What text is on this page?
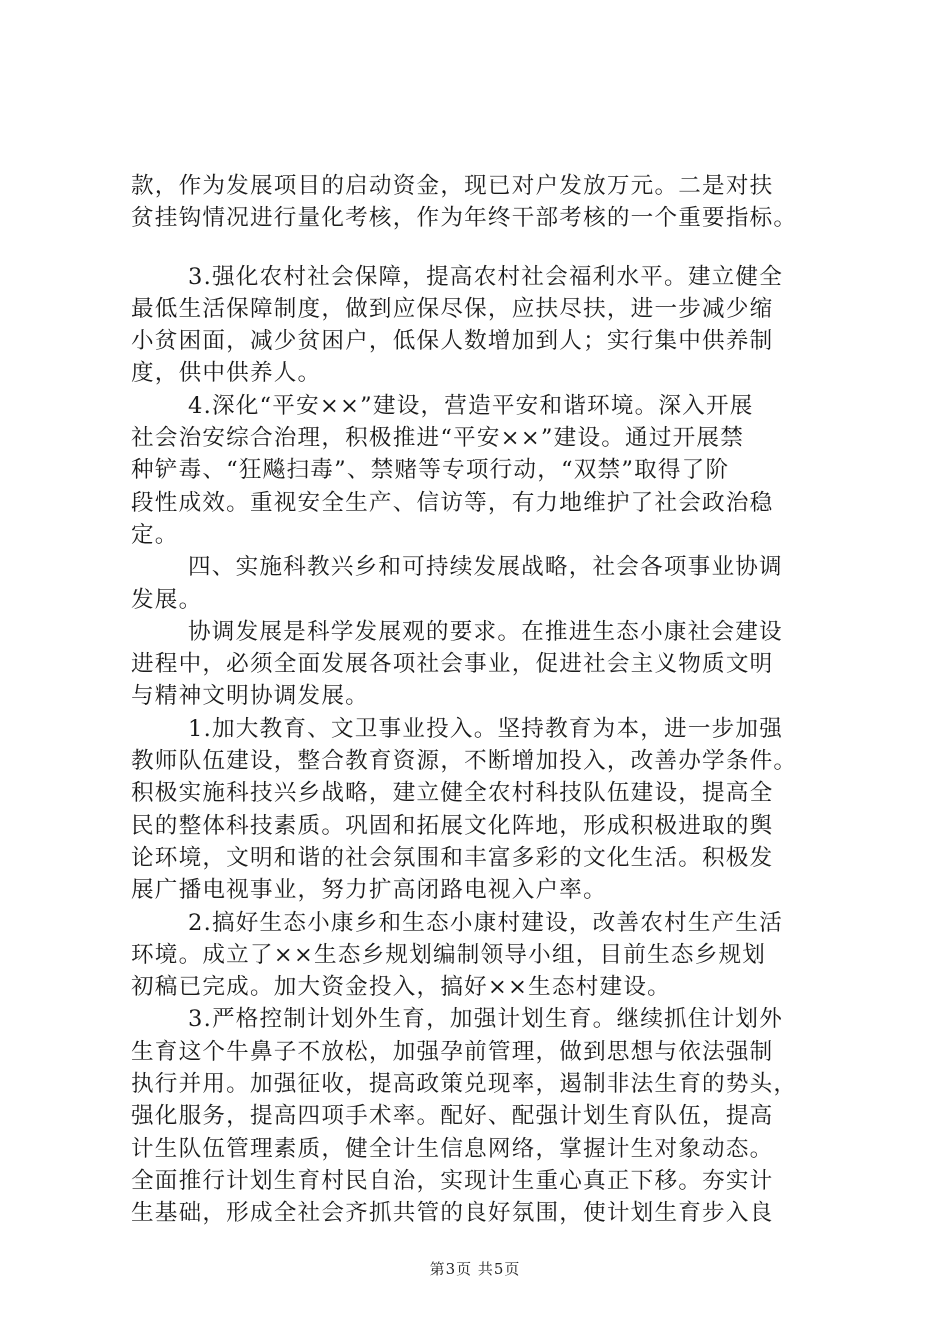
款，作为发展项目的启动资金，现已对户发放万元。二是对扶
贫挂钩情况进行量化考核，作为年终干部考核的一个重要指标。
3.强化农村社会保障，提高农村社会福利水平。建立健全
最低生活保障制度，做到应保尽保，应扶尽扶，进一步减少缩
小贫困面，减少贫困户，低保人数增加到人；实行集中供养制
度，供中供养人。
4.深化“平安××”建设，营造平安和谐环境。深入开展
社会治安综合治理，积极推进“平安××”建设。通过开展禁
种铲毒、“狂飚扫毒”、禁赌等专项行动，“双禁”取得了阶
段性成效。重视安全生产、信访等，有力地维护了社会政治稳
定。
四、实施科教兴乡和可持续发展战略，社会各项事业协调
发展。
协调发展是科学发展观的要求。在推进生态小康社会建设
进程中，必须全面发展各项社会事业，促进社会主义物质文明
与精神文明协调发展。
1.加大教育、文卫事业投入。坚持教育为本，进一步加强
教师队伍建设，整合教育资源，不断增加投入，改善办学条件。
积极实施科技兴乡战略，建立健全农村科技队伍建设，提高全
民的整体科技素质。巩固和拓展文化阵地，形成积极进取的舆
论环境，文明和谐的社会氛围和丰富多彩的文化生活。积极发
展广播电视事业，努力扩高闭路电视入户率。
2.搞好生态小康乡和生态小康村建设，改善农村生产生活
环境。成立了××生态乡规划编制领导小组，目前生态乡规划
初稿已完成。加大资金投入，搞好××生态村建设。
3.严格控制计划外生育，加强计划生育。继续抓住计划外
生育这个牛鼻子不放松，加强孕前管理，做到思想与依法强制
执行并用。加强征收，提高政策兑现率，遏制非法生育的势头，
强化服务，提高四项手术率。配好、配强计划生育队伍，提高
计生队伍管理素质，健全计生信息网络，掌握计生对象动态。
全面推行计划生育村民自治，实现计生重心真正下移。夯实计
生基础，形成全社会齐抓共管的良好氛围，使计划生育步入良
第3页 共5页
